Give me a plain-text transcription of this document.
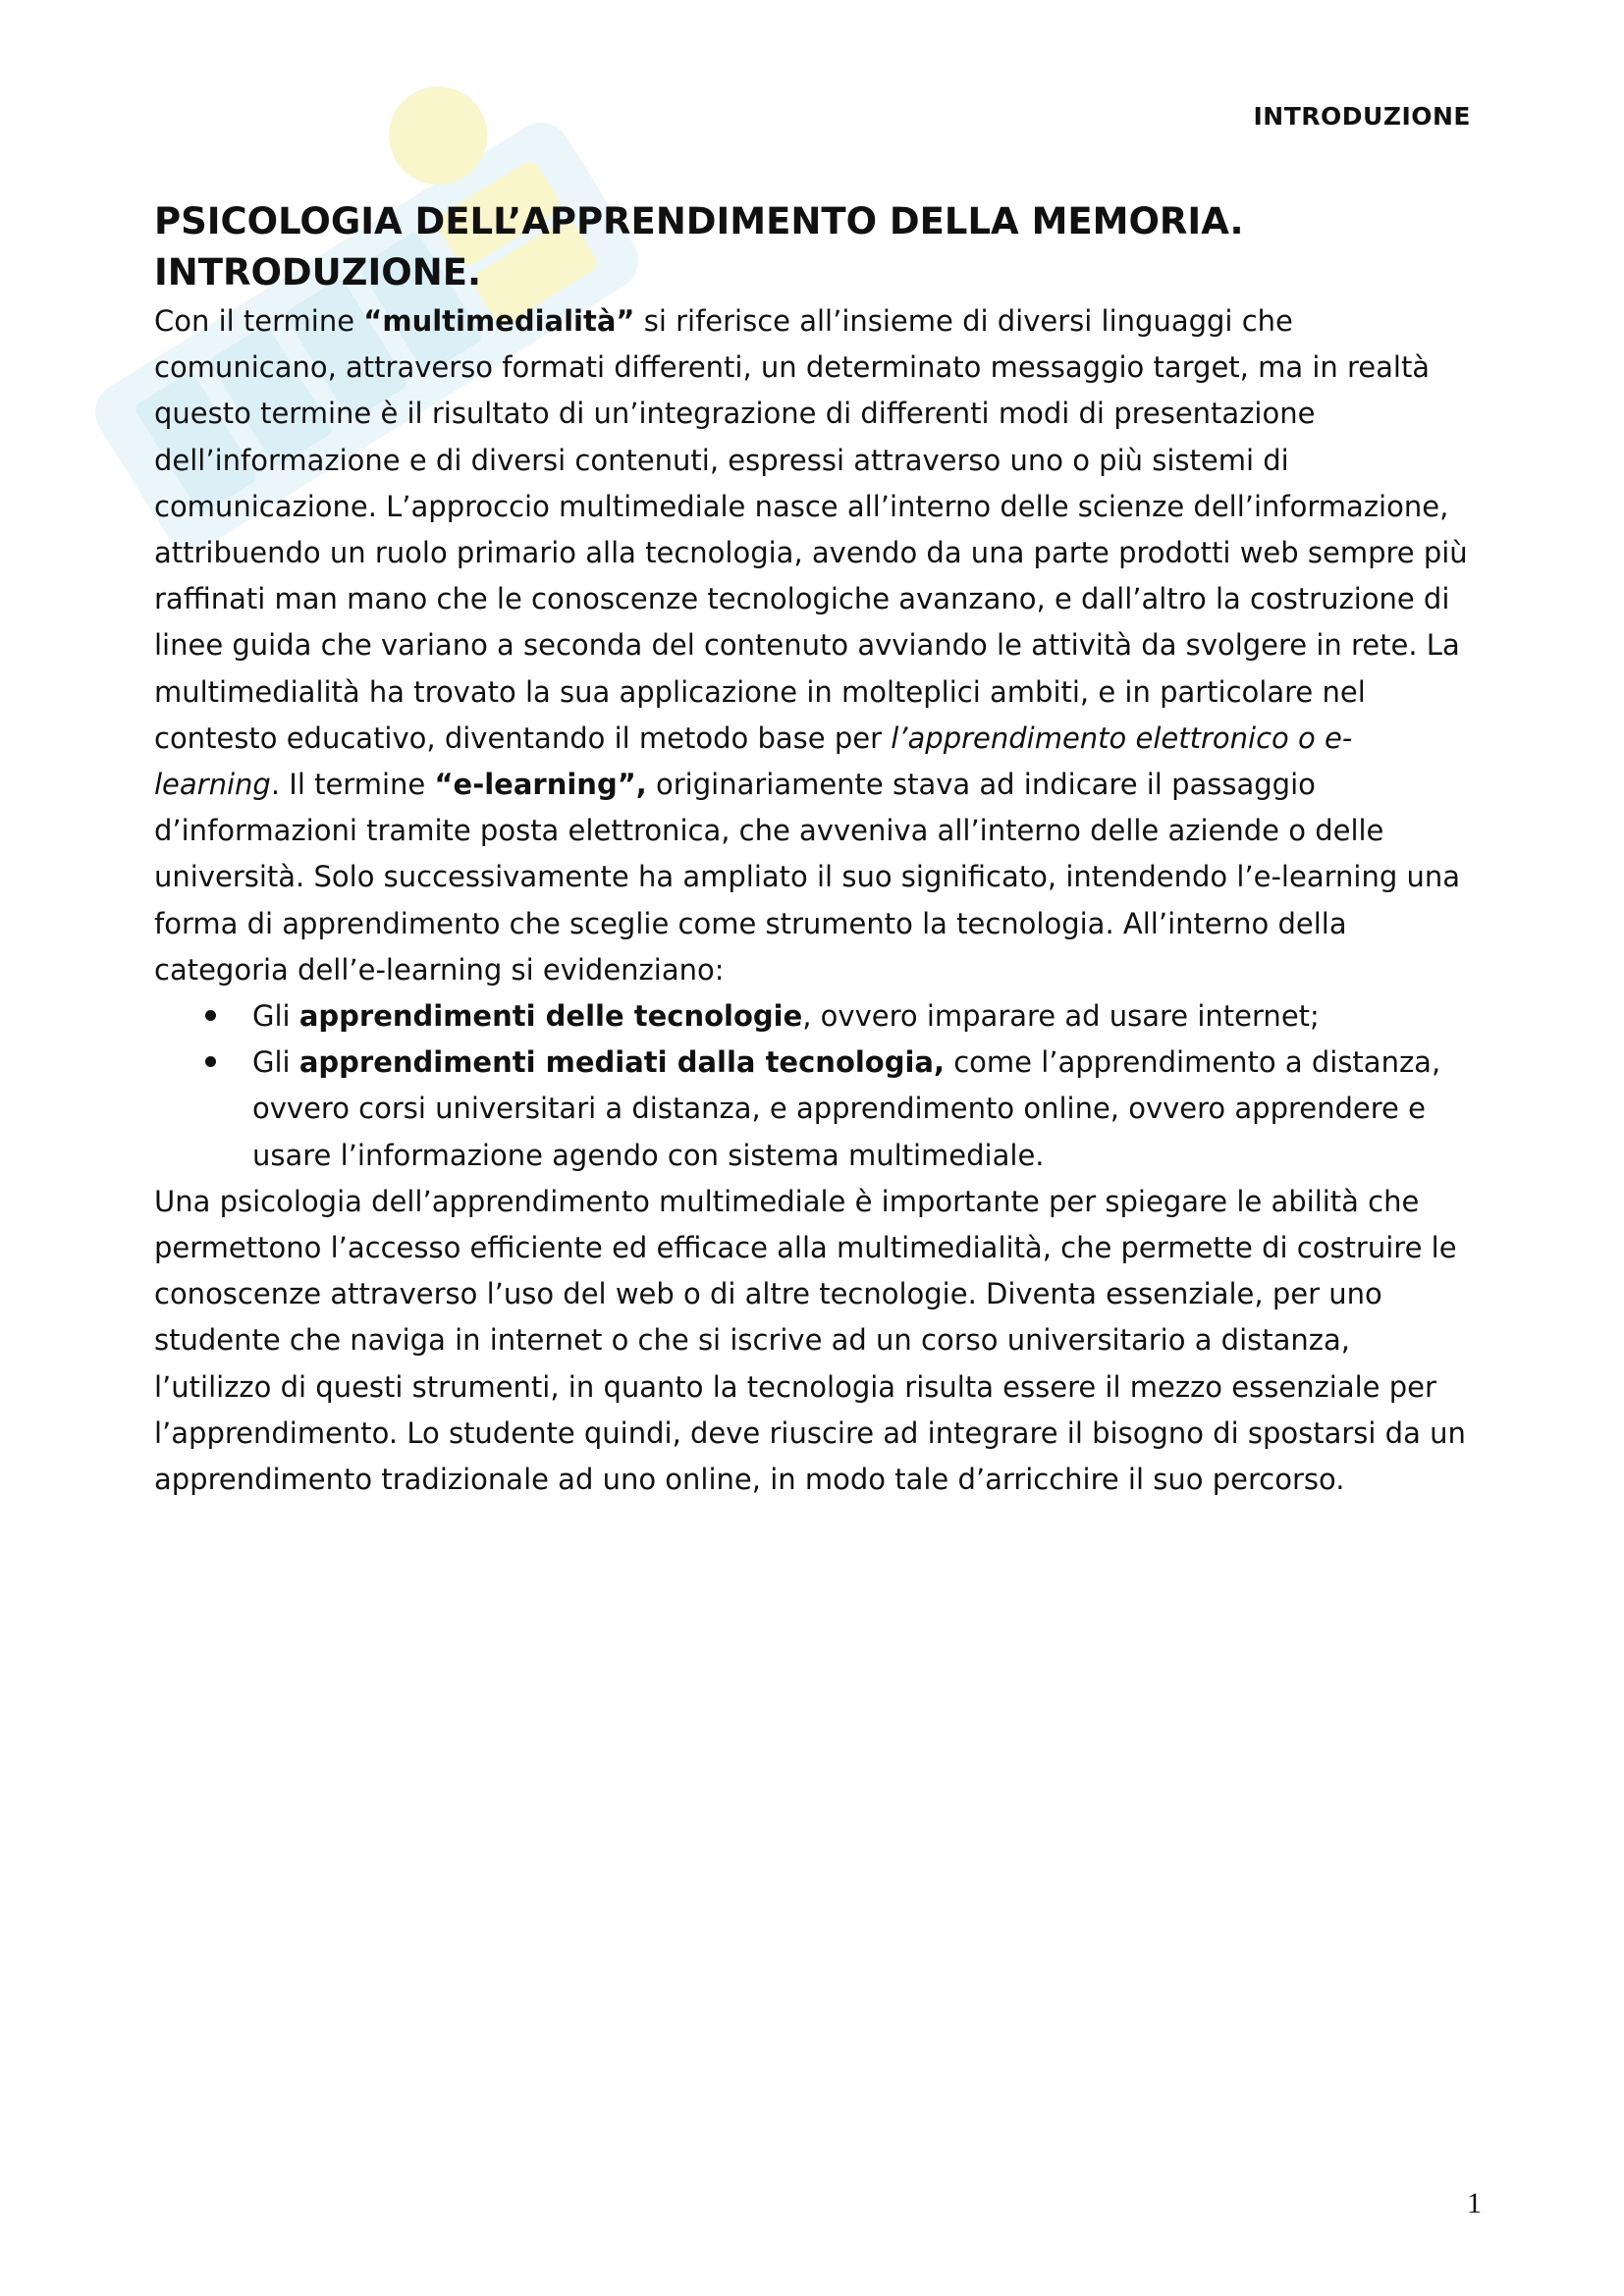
INTRODUZIONE
PSICOLOGIA DELL’APPRENDIMENTO DELLA MEMORIA.
INTRODUZIONE.

Con il termine “multimedialità” si riferisce all’insieme di diversi linguaggi che comunicano, attraverso formati differenti, un determinato messaggio target, ma in realtà questo termine è il risultato di un’integrazione di differenti modi di presentazione dell’informazione e di diversi contenuti, espressi attraverso uno o più sistemi di comunicazione. L’approccio multimediale nasce all’interno delle scienze dell’informazione, attribuendo un ruolo primario alla tecnologia, avendo da una parte prodotti web sempre più raffinati man mano che le conoscenze tecnologiche avanzano, e dall’altro la costruzione di linee guida che variano a seconda del contenuto avviando le attività da svolgere in rete. La multimedialità ha trovato la sua applicazione in molteplici ambiti, e in particolare nel contesto educativo, diventando il metodo base per l’apprendimento elettronico o e-learning. Il termine “e-learning”, originariamente stava ad indicare il passaggio d’informazioni tramite posta elettronica, che avveniva all’interno delle aziende o delle università. Solo successivamente ha ampliato il suo significato, intendendo l’e-learning una forma di apprendimento che sceglie come strumento la tecnologia. All’interno della categoria dell’e-learning si evidenziano:

Gli apprendimenti delle tecnologie, ovvero imparare ad usare internet;
Gli apprendimenti mediati dalla tecnologia, come l’apprendimento a distanza, ovvero corsi universitari a distanza, e apprendimento online, ovvero apprendere e usare l’informazione agendo con sistema multimediale.

Una psicologia dell’apprendimento multimediale è importante per spiegare le abilità che permettono l’accesso efficiente ed efficace alla multimedialità, che permette di costruire le conoscenze attraverso l’uso del web o di altre tecnologie. Diventa essenziale, per uno studente che naviga in internet o che si iscrive ad un corso universitario a distanza, l’utilizzo di questi strumenti, in quanto la tecnologia risulta essere il mezzo essenziale per l’apprendimento. Lo studente quindi, deve riuscire ad integrare il bisogno di spostarsi da un apprendimento tradizionale ad uno online, in modo tale d’arricchire il suo percorso.

1
